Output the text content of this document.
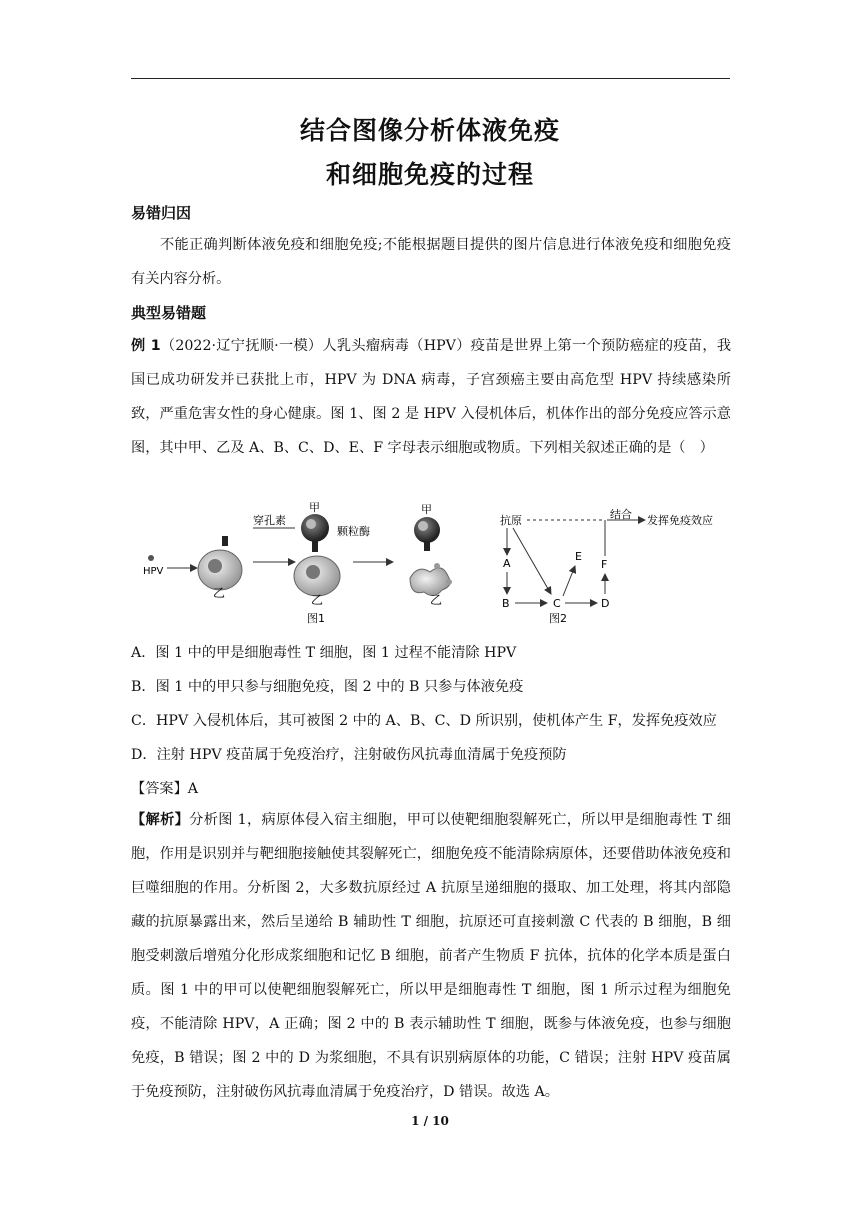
结合图像分析体液免疫
和细胞免疫的过程
易错归因
不能正确判断体液免疫和细胞免疫;不能根据题目提供的图片信息进行体液免疫和细胞免疫有关内容分析。
典型易错题
例 1（2022·辽宁抚顺·一模）人乳头瘤病毒（HPV）疫苗是世界上第一个预防癌症的疫苗，我国已成功研发并已获批上市，HPV 为 DNA 病毒，子宫颈癌主要由高危型 HPV 持续感染所致，严重危害女性的身心健康。图 1、图 2 是 HPV 入侵机体后，机体作出的部分免疫应答示意图，其中甲、乙及 A、B、C、D、E、F 字母表示细胞或物质。下列相关叙述正确的是（　）
HPV
乙
穿孔素
甲
颗粒酶
乙
图1
甲
乙
抗原	结合 发挥免疫效应
A
B	C
E
D
F
图2
A．图 1 中的甲是细胞毒性 T 细胞，图 1 过程不能清除 HPV
B．图 1 中的甲只参与细胞免疫，图 2 中的 B 只参与体液免疫
C．HPV 入侵机体后，其可被图 2 中的 A、B、C、D 所识别，使机体产生 F，发挥免疫效应
D．注射 HPV 疫苗属于免疫治疗，注射破伤风抗毒血清属于免疫预防
【答案】A
【解析】分析图 1，病原体侵入宿主细胞，甲可以使靶细胞裂解死亡，所以甲是细胞毒性 T 细胞，作用是识别并与靶细胞接触使其裂解死亡，细胞免疫不能清除病原体，还要借助体液免疫和巨噬细胞的作用。分析图 2，大多数抗原经过 A 抗原呈递细胞的摄取、加工处理，将其内部隐藏的抗原暴露出来，然后呈递给 B 辅助性 T 细胞，抗原还可直接刺激 C 代表的 B 细胞，B 细胞受刺激后增殖分化形成浆细胞和记忆 B 细胞，前者产生物质 F 抗体，抗体的化学本质是蛋白质。图 1 中的甲可以使靶细胞裂解死亡，所以甲是细胞毒性 T 细胞，图 1 所示过程为细胞免疫，不能清除 HPV，A 正确；图 2 中的 B 表示辅助性 T 细胞，既参与体液免疫，也参与细胞免疫，B 错误；图 2 中的 D 为浆细胞，不具有识别病原体的功能，C 错误；注射 HPV 疫苗属于免疫预防，注射破伤风抗毒血清属于免疫治疗，D 错误。故选 A。
1 / 10
